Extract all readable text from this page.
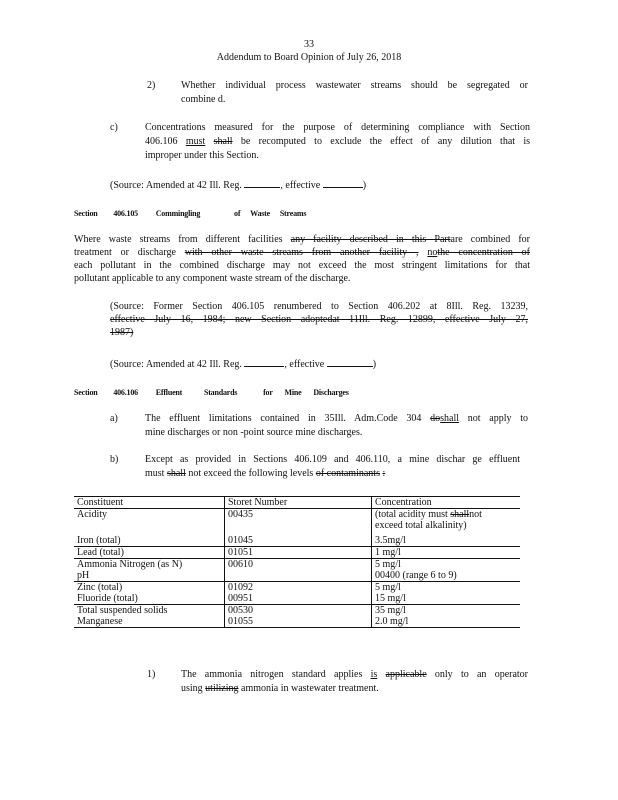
33
Addendum to Board Opinion of July 26, 2018
2)	Whether individual process wastewater streams should be segregated or
combine d.
c)	Concentrations measured for the purpose of determining compliance with Section
406.106 must shall be recomputed to exclude the effect of any dilution that is
improper under this Section.
(Source: Amended at 42 Ill. Reg.	, effective	)
Section 406.105 Commingling	of Waste Streams
Where waste streams from different facilities any facility described in this Partare combined for
treatment or discharge with other waste streams from another facility , nothe concentration of
each pollutant in the combined discharge may not exceed the most stringent limitations for that
pollutant applicable to any component waste stream of the discharge.
(Source: Former Section 406.105 renumbered to Section 406.202 at 8Ill. Reg. 13239,
effective July 16, 1984; new Section adoptedat 11Ill. Reg. 12899, effective July 27,
1987)
(Source: Amended at 42 Ill. Reg.	, effective	)
Section 406.106 Effluent	Standards	for Mine Discharges
a)	The effluent limitations contained in 35Ill. Adm.Code 304 doshall not apply to
mine discharges or non -point source mine discharges.
b)	Except as provided in Sections 406.109 and 406.110, a mine dischar ge effluent
must shall not exceed the following levels of contaminants :
Constituent	Storet Number	Concentration
Acidity	00435	(total acidity must shallnot
exceed total alkalinity)
Iron (total)	01045	3.5mg/l
Lead (total)	01051	1 mg/l
Ammonia Nitrogen (as N)	00610	5 mg/l
pH		00400 (range 6 to 9)
Zinc (total)	01092	5 mg/l
Fluoride (total)	00951	15 mg/l
Total suspended solids	00530	35 mg/l
Manganese	01055	2.0 mg/l
1)	The ammonia nitrogen standard applies is applicable only to an operator
using utilizing ammonia in wastewater treatment.
